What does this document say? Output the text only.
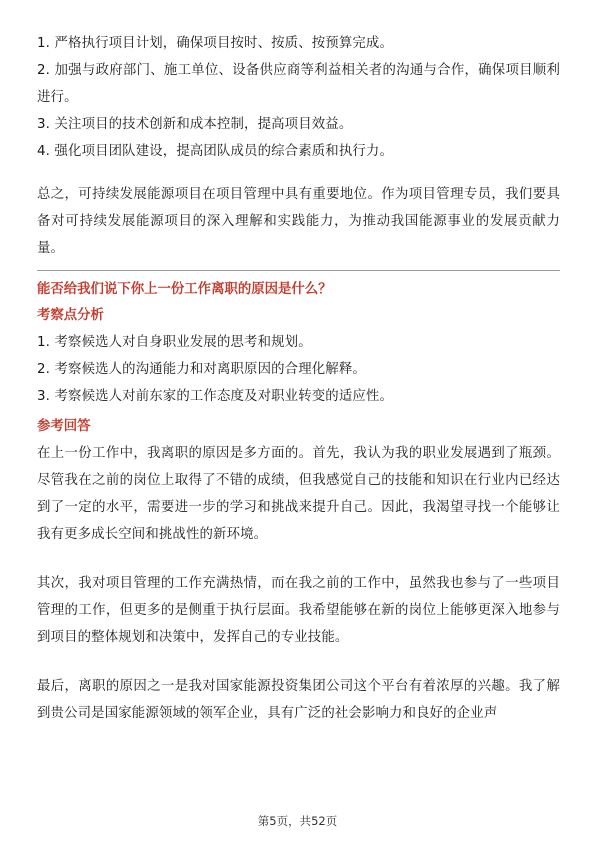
1. 严格执行项目计划，确保项目按时、按质、按预算完成。

2. 加强与政府部门、施工单位、设备供应商等利益相关者的沟通与合作，确保项目顺利进行。

3. 关注项目的技术创新和成本控制，提高项目效益。

4. 强化项目团队建设，提高团队成员的综合素质和执行力。

总之，可持续发展能源项目在项目管理中具有重要地位。作为项目管理专员，我们要具备对可持续发展能源项目的深入理解和实践能力，为推动我国能源事业的发展贡献力量。

能否给我们说下你上一份工作离职的原因是什么？

考察点分析

1. 考察候选人对自身职业发展的思考和规划。

2. 考察候选人的沟通能力和对离职原因的合理化解释。

3. 考察候选人对前东家的工作态度及对职业转变的适应性。

参考回答

在上一份工作中，我离职的原因是多方面的。首先，我认为我的职业发展遇到了瓶颈。尽管我在之前的岗位上取得了不错的成绩，但我感觉自己的技能和知识在行业内已经达到了一定的水平，需要进一步的学习和挑战来提升自己。因此，我渴望寻找一个能够让我有更多成长空间和挑战性的新环境。

其次，我对项目管理的工作充满热情，而在我之前的工作中，虽然我也参与了一些项目管理的工作，但更多的是侧重于执行层面。我希望能够在新的岗位上能够更深入地参与到项目的整体规划和决策中，发挥自己的专业技能。

最后，离职的原因之一是我对国家能源投资集团公司这个平台有着浓厚的兴趣。我了解到贵公司是国家能源领域的领军企业，具有广泛的社会影响力和良好的企业声

第5页，共52页
